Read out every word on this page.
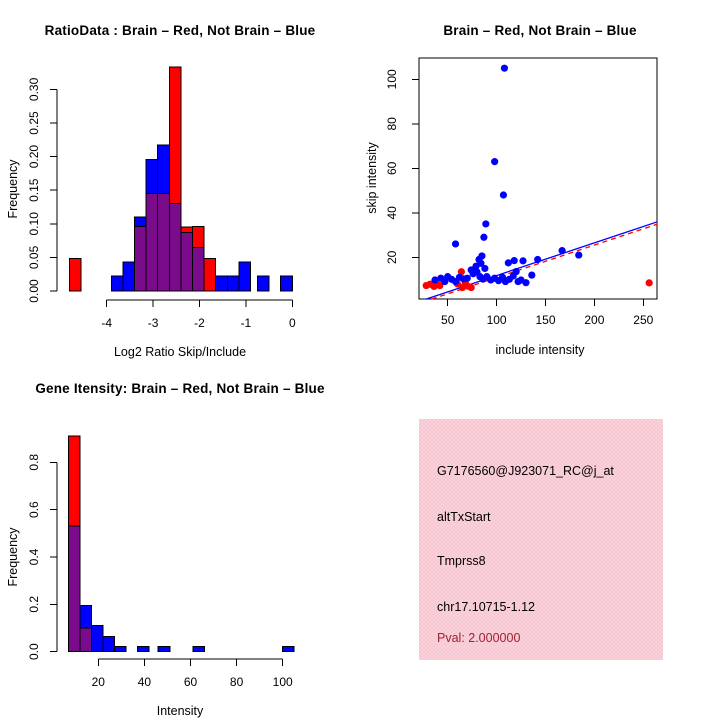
0.00
0.05
0.10
0.15
0.20
0.25
0.30
-4	-3	-2	-1	0
RatioData : Brain – Red, Not Brain – Blue
Log2 Ratio Skip/Include
Frequency
50	100 150 200 250
20
40
60
80
100
Brain – Red, Not Brain – Blue
include intensity
skip intensity
0.0
0.2
0.4
0.6
0.8
20	40	60	80 100
Gene Itensity: Brain – Red, Not Brain – Blue
Intensity
Frequency
G7176560@J923071_RC@j_at
altTxStart
Tmprss8
chr17.10715-1.12
Pval: 2.000000
